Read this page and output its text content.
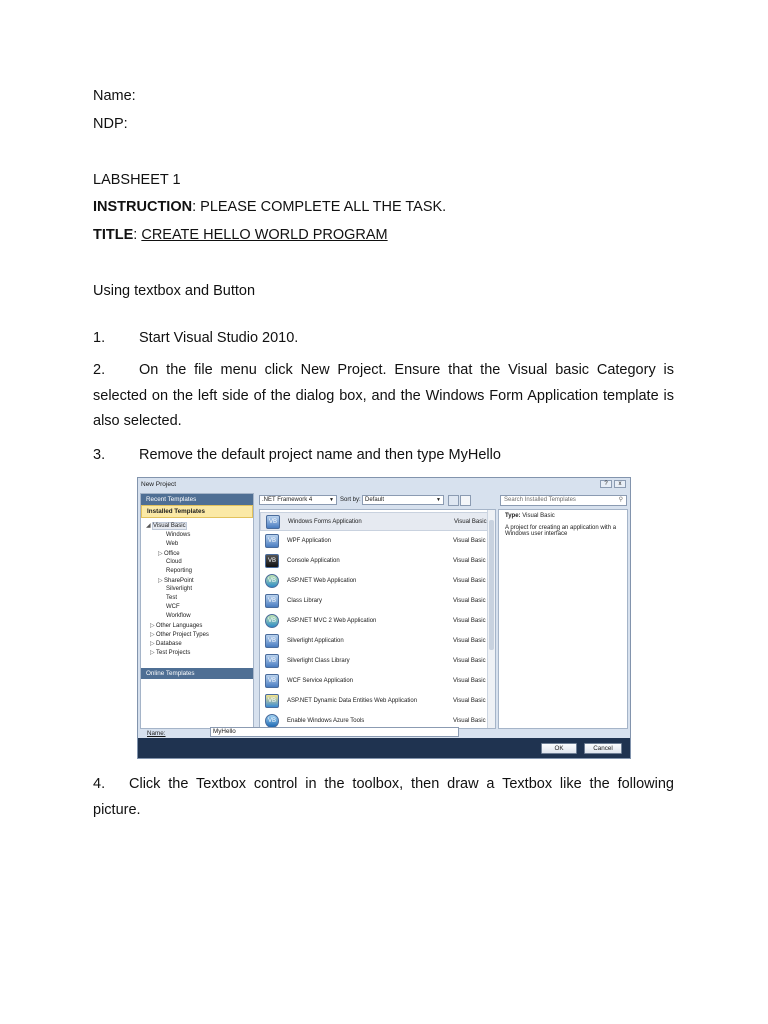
Name:
NDP:
LABSHEET 1
INSTRUCTION: PLEASE COMPLETE ALL THE TASK.
TITLE: CREATE HELLO WORLD PROGRAM
Using textbox and Button
1. Start Visual Studio 2010.
2. On the file menu click New Project. Ensure that the Visual basic Category is selected on the left side of the dialog box, and the Windows Form Application template is also selected.
3. Remove the default project name and then type MyHello
New Project	?	x
Recent Templates
Installed Templates
◢ Visual Basic
Windows
Web
▷Office
Cloud
Reporting
▷SharePoint
Silverlight
Test
WCF
Workflow
▷Other Languages
▷Other Project Types
▷Database
▷Test Projects
Online Templates
.NET Framework 4	▼ Sort by: Default	▼	Search Installed Templates	⚲
VB	Windows Forms Application	Visual Basic
VB	WPF Application	Visual Basic
VB	Console Application	Visual Basic
VB	ASP.NET Web Application	Visual Basic
VB	Class Library	Visual Basic
VB	ASP.NET MVC 2 Web Application	Visual Basic
VB	Silverlight Application	Visual Basic
VB	Silverlight Class Library	Visual Basic
VB	WCF Service Application	Visual Basic
VB	ASP.NET Dynamic Data Entities Web Application	Visual Basic
VB	Enable Windows Azure Tools	Visual Basic
Type: Visual Basic
A project for creating an application with a Windows user interface
Name:	MyHello
OK	Cancel
4. Click the Textbox control in the toolbox, then draw a Textbox like the following picture.
